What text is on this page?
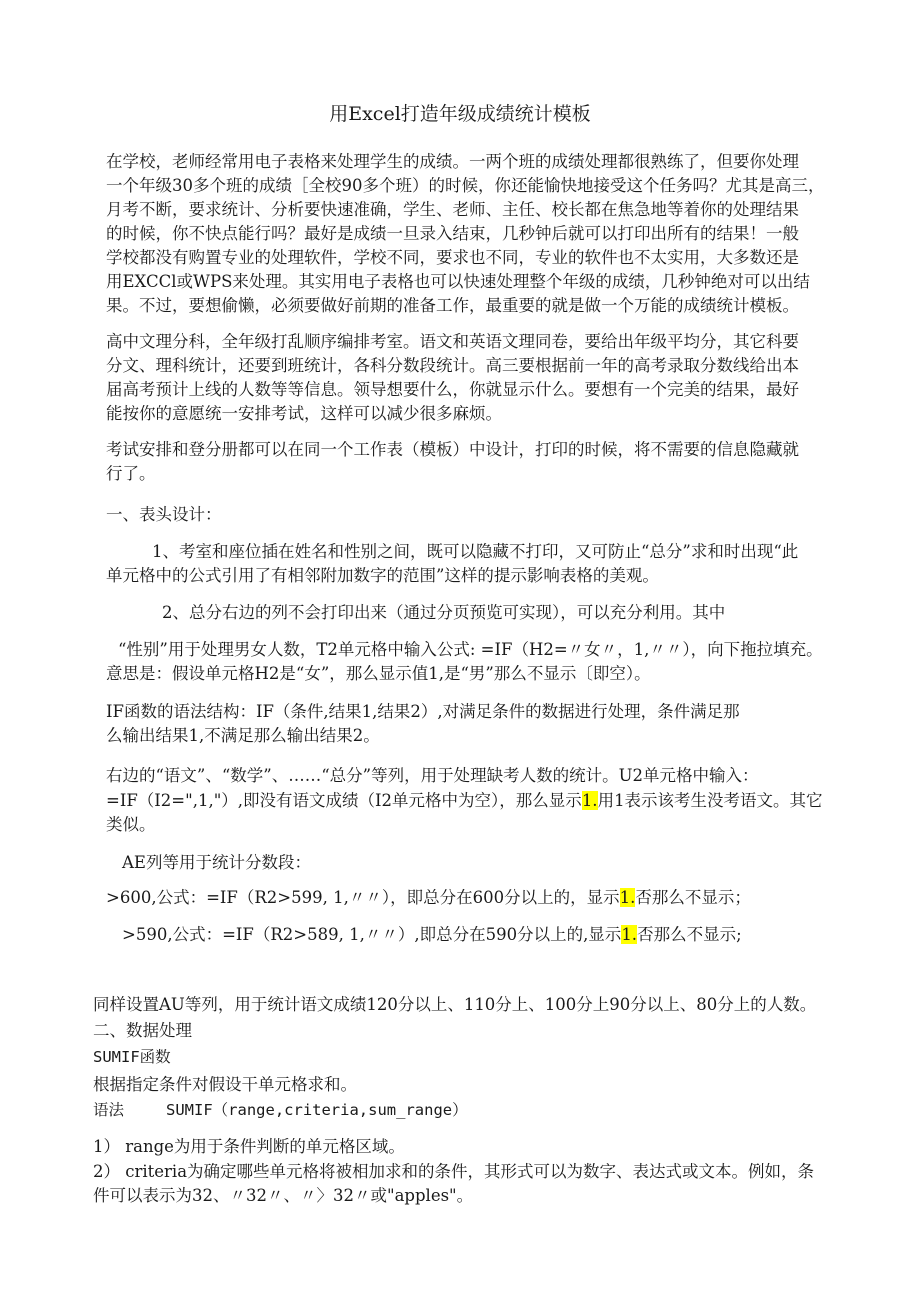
用Excel打造年级成绩统计模板

在学校，老师经常用电子表格来处理学生的成绩。一两个班的成绩处理都很熟练了，但要你处理

一个年级30多个班的成绩［全校90多个班）的时候，你还能愉快地接受这个任务吗？尤其是高三，

月考不断，要求统计、分析要快速准确，学生、老师、主任、校长都在焦急地等着你的处理结果

的时候，你不快点能行吗？最好是成绩一旦录入结束，几秒钟后就可以打印出所有的结果！一般

学校都没有购置专业的处理软件，学校不同，要求也不同，专业的软件也不太实用，大多数还是

用EXCCl或WPS来处理。其实用电子表格也可以快速处理整个年级的成绩，几秒钟绝对可以出结

果。不过，要想偷懒，必须要做好前期的准备工作，最重要的就是做一个万能的成绩统计模板。

高中文理分科，全年级打乱顺序编排考室。语文和英语文理同卷，要给出年级平均分，其它科要

分文、理科统计，还要到班统计，各科分数段统计。高三要根据前一年的高考录取分数线给出本

届高考预计上线的人数等等信息。领导想要什么，你就显示什么。要想有一个完美的结果，最好

能按你的意愿统一安排考试，这样可以减少很多麻烦。

考试安排和登分册都可以在同一个工作表（模板）中设计，打印的时候，将不需要的信息隐藏就

行了。

一、表头设计：

1、考室和座位插在姓名和性别之间，既可以隐藏不打印，又可防止“总分”求和时出现“此

单元格中的公式引用了有相邻附加数字的范围”这样的提示影响表格的美观。

2、总分右边的列不会打印出来（通过分页预览可实现），可以充分利用。其中

“性别”用于处理男女人数，T2单元格中输入公式: =IF（H2=〃女〃，1,〃〃），向下拖拉填充。

意思是：假设单元格H2是“女”，那么显示值1,是“男”那么不显示〔即空）。

IF函数的语法结构：IF（条件,结果1,结果2）,对满足条件的数据进行处理，条件满足那

么输出结果1,不满足那么输出结果2。

右边的“语文”、“数学”、……“总分”等列，用于处理缺考人数的统计。U2单元格中输入：

=IF（I2=",1,"）,即没有语文成绩（I2单元格中为空），那么显示1.用1表示该考生没考语文。其它

类似。

AE列等用于统计分数段：

>600,公式：=IF（R2>599, 1,〃〃），即总分在600分以上的，显示1.否那么不显示；

>590,公式：=IF（R2>589, 1,〃〃）,即总分在590分以上的,显示1.否那么不显示;

同样设置AU等列，用于统计语文成绩120分以上、110分上、100分上90分以上、80分上的人数。

二、数据处理

SUMIF函数

根据指定条件对假设干单元格求和。

语法	SUMIF（range,criteria,sum_range）

1） range为用于条件判断的单元格区域。

2） criteria为确定哪些单元格将被相加求和的条件，其形式可以为数字、表达式或文本。例如，条

件可以表示为32、〃32〃、〃〉32〃或"apples"。
